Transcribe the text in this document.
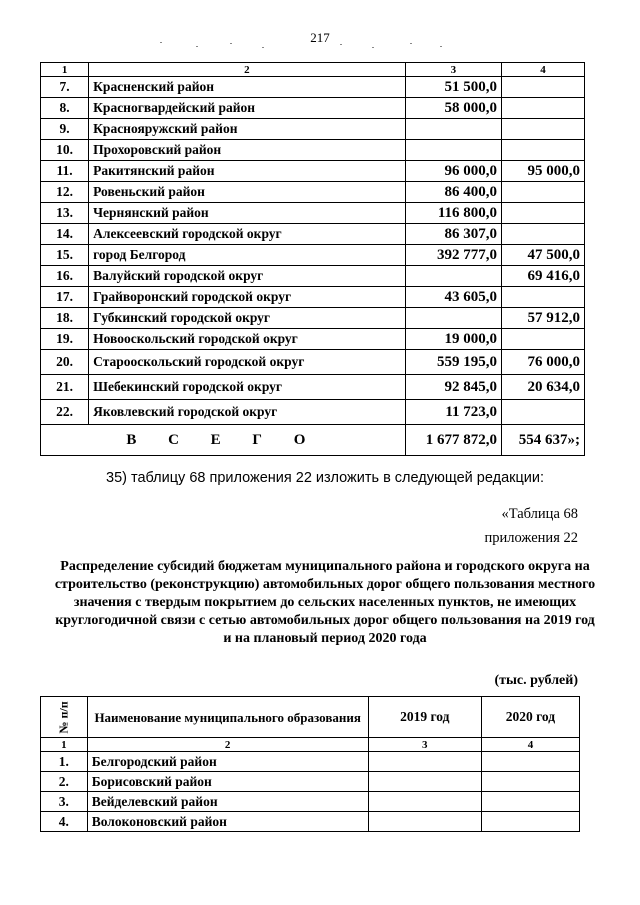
217
1	2	3	4
7.	Красненский район	51 500,0	
8.	Красногвардейский район	58 000,0	
9.	Краснояружский район		
10.	Прохоровский район		
11.	Ракитянский район	96 000,0	95 000,0
12.	Ровеньский район	86 400,0	
13.	Чернянский район	116 800,0	
14.	Алексеевский городской округ	86 307,0	
15.	город Белгород	392 777,0	47 500,0
16.	Валуйский городской округ		69 416,0
17.	Грайворонский городской округ	43 605,0	
18.	Губкинский городской округ		57 912,0
19.	Новооскольский городской округ	19 000,0	
20.	Старооскольский городской округ	559 195,0	76 000,0
21.	Шебекинский городской округ	92 845,0	20 634,0
22.	Яковлевский городской округ	11 723,0	
В С Е Г О		1 677 872,0	554 637»;
35) таблицу 68 приложения 22 изложить в следующей редакции:
«Таблица 68
приложения 22
Распределение субсидий бюджетам муниципального района и городского округа на строительство (реконструкцию) автомобильных дорог общего пользования местного значения с твердым покрытием до сельских населенных пунктов, не имеющих круглогодичной связи с сетью автомобильных дорог общего пользования на 2019 год и на плановый период 2020 года
(тыс. рублей)
№ п/п	Наименование муниципального образования	2019 год	2020 год
1	2	3	4
1.	Белгородский район		
2.	Борисовский район		
3.	Вейделевский район		
4.	Волоконовский район		
